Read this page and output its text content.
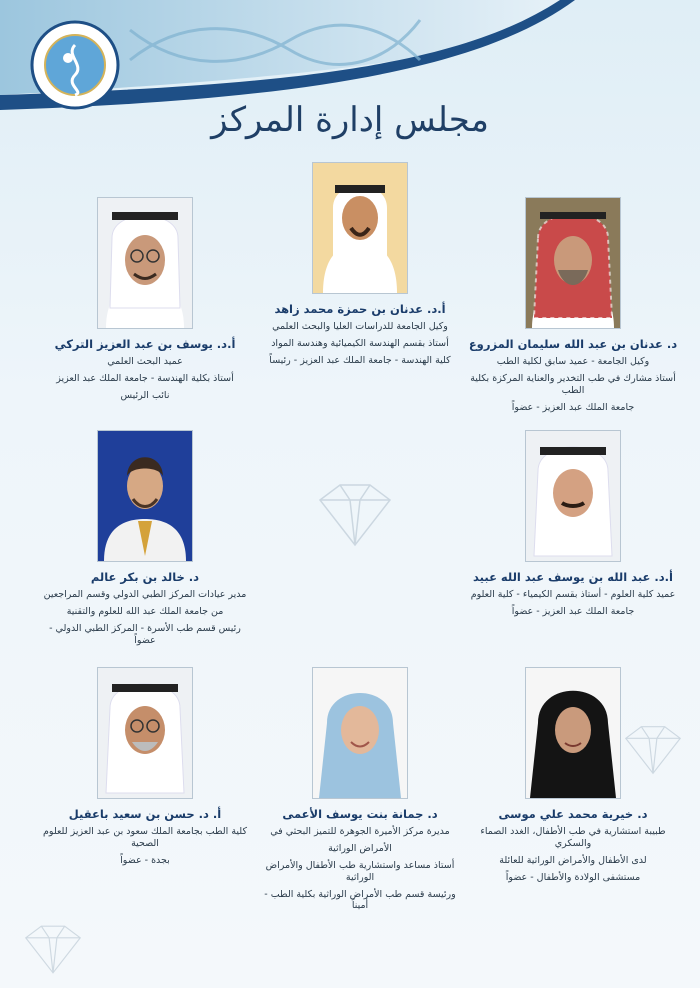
مجلس إدارة المركز
أ.د. عدنان بن حمزة محمد زاهد
وكيل الجامعة للدراسات العليا والبحث العلمي
أستاذ بقسم الهندسة الكيميائية وهندسة المواد
كلية الهندسة - جامعة الملك عبد العزيز - رئيساً
أ.د. يوسف بن عبد العزيز التركي
عميد البحث العلمي
أستاذ بكلية الهندسة - جامعة الملك عبد العزيز
نائب الرئيس
د. عدنان بن عبد الله سليمان المزروع
وكيل الجامعة - عميد سابق لكلية الطب
أستاذ مشارك في طب التخدير والعناية المركزة بكلية الطب
جامعة الملك عبد العزيز - عضواً
د. خالد بن بكر عالم
مدير عيادات المركز الطبي الدولي وقسم المراجعين
من جامعة الملك عبد الله للعلوم والتقنية
رئيس قسم طب الأسرة - المركز الطبي الدولي - عضواً
أ.د. عبد الله بن يوسف عبد الله عبيد
عميد كلية العلوم - أستاذ بقسم الكيمياء - كلية العلوم
جامعة الملك عبد العزيز - عضواً
أ. د. حسن بن سعيد باعقيل
كلية الطب بجامعة الملك سعود بن عبد العزيز للعلوم الصحية
بجدة - عضواً
د. جمانة بنت يوسف الأعمى
مديرة مركز الأميرة الجوهرة للتميز البحثي في
الأمراض الوراثية
أستاذ مساعد واستشارية طب الأطفال والأمراض الوراثية
ورئيسة قسم طب الأمراض الوراثية بكلية الطب - أميناً
د. خيرية محمد علي موسى
طبيبة استشارية في طب الأطفال، الغدد الصماء والسكري
لدى الأطفال والأمراض الوراثية للعائلة
مستشفى الولادة والأطفال - عضواً
